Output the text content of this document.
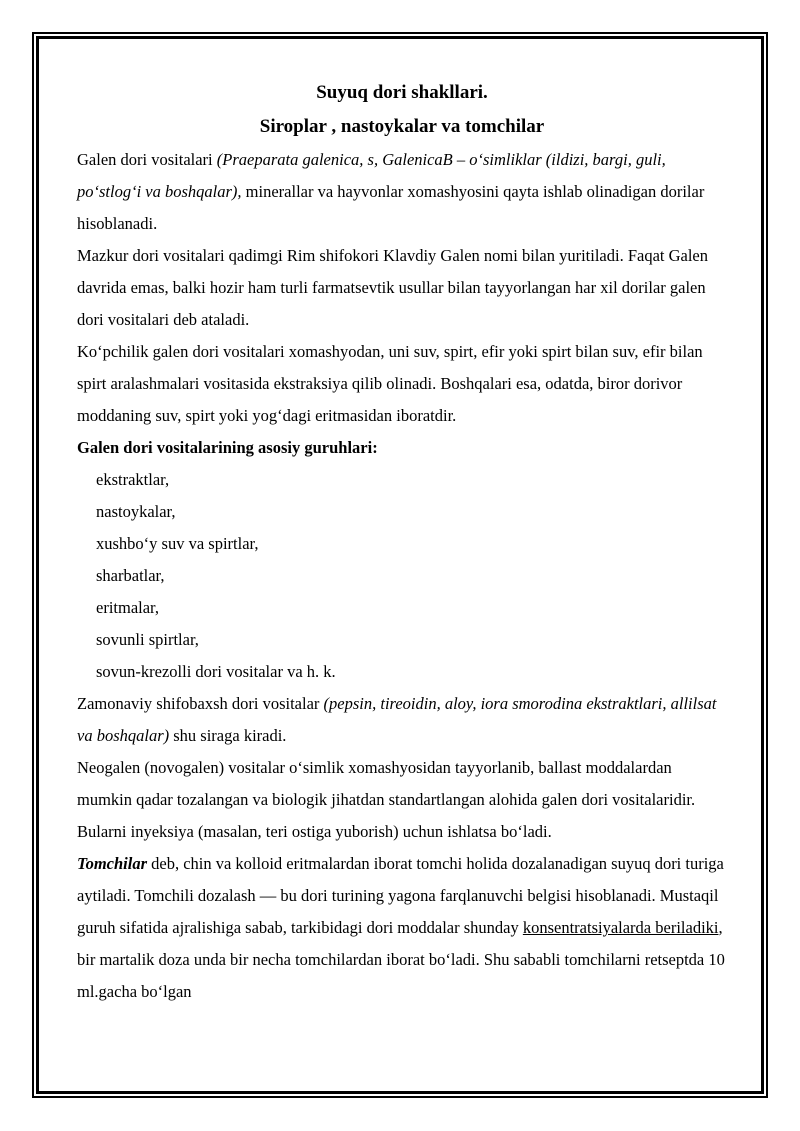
Suyuq dori shakllari.
Siroplar , nastoykalar va tomchilar

Galen dori vositalari (Praeparata galenica, s, GalenicaB – o‘simliklar (ildizi, bargi, guli, po‘stlog‘i va boshqalar), minerallar va hayvonlar xomashyosini qayta ishlab olinadigan dorilar hisoblanadi.

Mazkur dori vositalari qadimgi Rim shifokori Klavdiy Galen nomi bilan yuritiladi. Faqat Galen davrida emas, balki hozir ham turli farmatsevtik usullar bilan tayyorlangan har xil dorilar galen dori vositalari deb ataladi.

Ko‘pchilik galen dori vositalari xomashyodan, uni suv, spirt, efir yoki spirt bilan suv, efir bilan spirt aralashmalari vositasida ekstraksiya qilib olinadi. Boshqalari esa, odatda, biror dorivor moddaning suv, spirt yoki yog‘dagi eritmasidan iboratdir.

Galen dori vositalarining asosiy guruhlari:

ekstraktlar,
nastoykalar,
xushbo‘y suv va spirtlar,
sharbatlar,
eritmalar,
sovunli spirtlar,
sovun-krezolli dori vositalar va h. k.

Zamonaviy shifobaxsh dori vositalar (pepsin, tireoidin, aloy, iora smorodina ekstraktlari, allilsat va boshqalar) shu siraga kiradi.

Neogalen (novogalen) vositalar o‘simlik xomashyosidan tayyorlanib, ballast moddalardan mumkin qadar tozalangan va biologik jihatdan standartlangan alohida galen dori vositalaridir. Bularni inyeksiya (masalan, teri ostiga yuborish) uchun ishlatsa bo‘ladi.

Tomchilar deb, chin va kolloid eritmalardan iborat tomchi holida dozalanadigan suyuq dori turiga aytiladi. Tomchili dozalash — bu dori turining yagona farqlanuvchi belgisi hisoblanadi. Mustaqil guruh sifatida ajralishiga sabab, tarkibidagi dori moddalar shunday konsentratsiyalarda beriladiki, bir martalik doza unda bir necha tomchilardan iborat bo‘ladi. Shu sababli tomchilarni retseptda 10 ml.gacha bo‘lgan
